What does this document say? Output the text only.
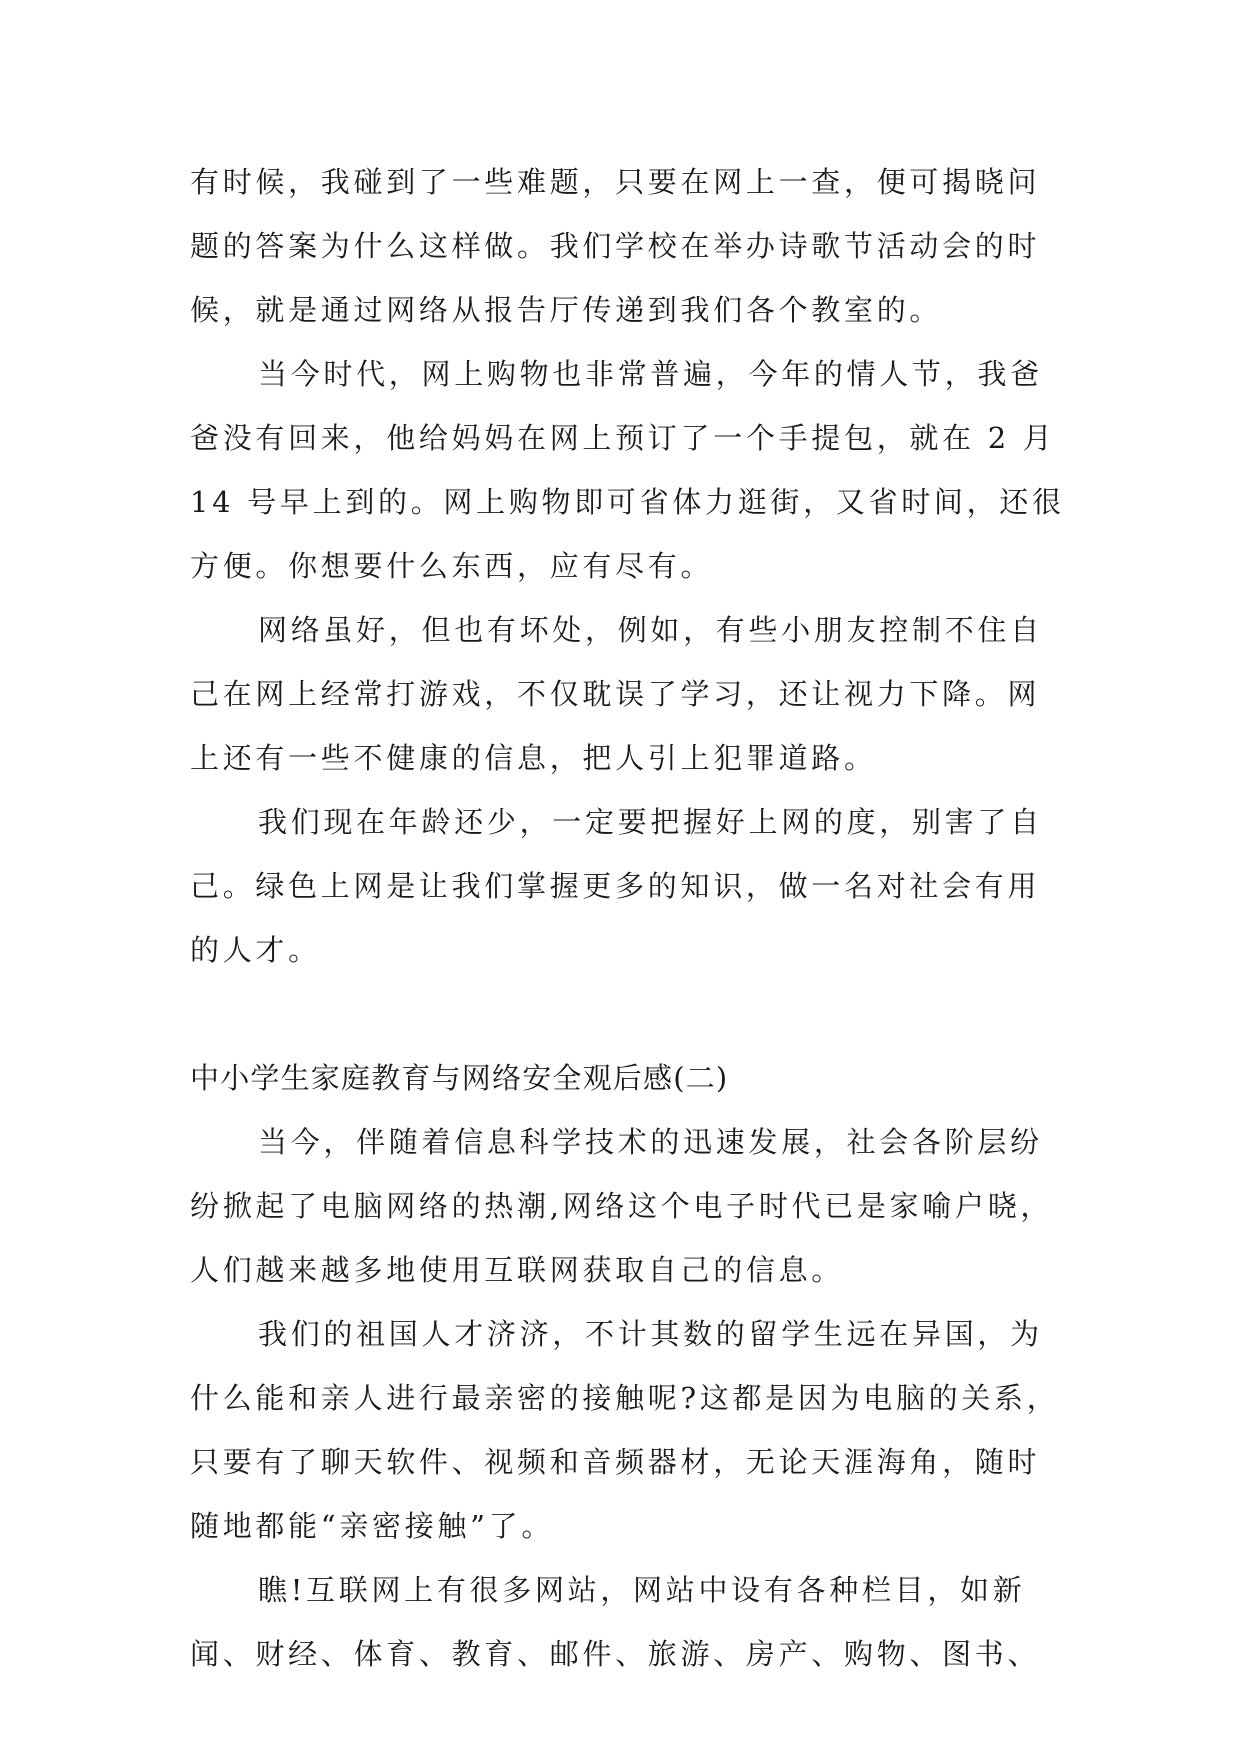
有时候，我碰到了一些难题，只要在网上一查，便可揭晓问
题的答案为什么这样做。我们学校在举办诗歌节活动会的时
候，就是通过网络从报告厅传递到我们各个教室的。
当今时代，网上购物也非常普遍，今年的情人节，我爸
爸没有回来，他给妈妈在网上预订了一个手提包，就在 2 月
14 号早上到的。网上购物即可省体力逛街，又省时间，还很
方便。你想要什么东西，应有尽有。
网络虽好，但也有坏处，例如，有些小朋友控制不住自
己在网上经常打游戏，不仅耽误了学习，还让视力下降。网
上还有一些不健康的信息，把人引上犯罪道路。
我们现在年龄还少，一定要把握好上网的度，别害了自
己。绿色上网是让我们掌握更多的知识，做一名对社会有用
的人才。
中小学生家庭教育与网络安全观后感(二)
当今，伴随着信息科学技术的迅速发展，社会各阶层纷
纷掀起了电脑网络的热潮,网络这个电子时代已是家喻户晓，
人们越来越多地使用互联网获取自己的信息。
我们的祖国人才济济，不计其数的留学生远在异国，为
什么能和亲人进行最亲密的接触呢?这都是因为电脑的关系，
只要有了聊天软件、视频和音频器材，无论天涯海角，随时
随地都能“亲密接触”了。
瞧!互联网上有很多网站，网站中设有各种栏目，如新
闻、财经、体育、教育、邮件、旅游、房产、购物、图书、
